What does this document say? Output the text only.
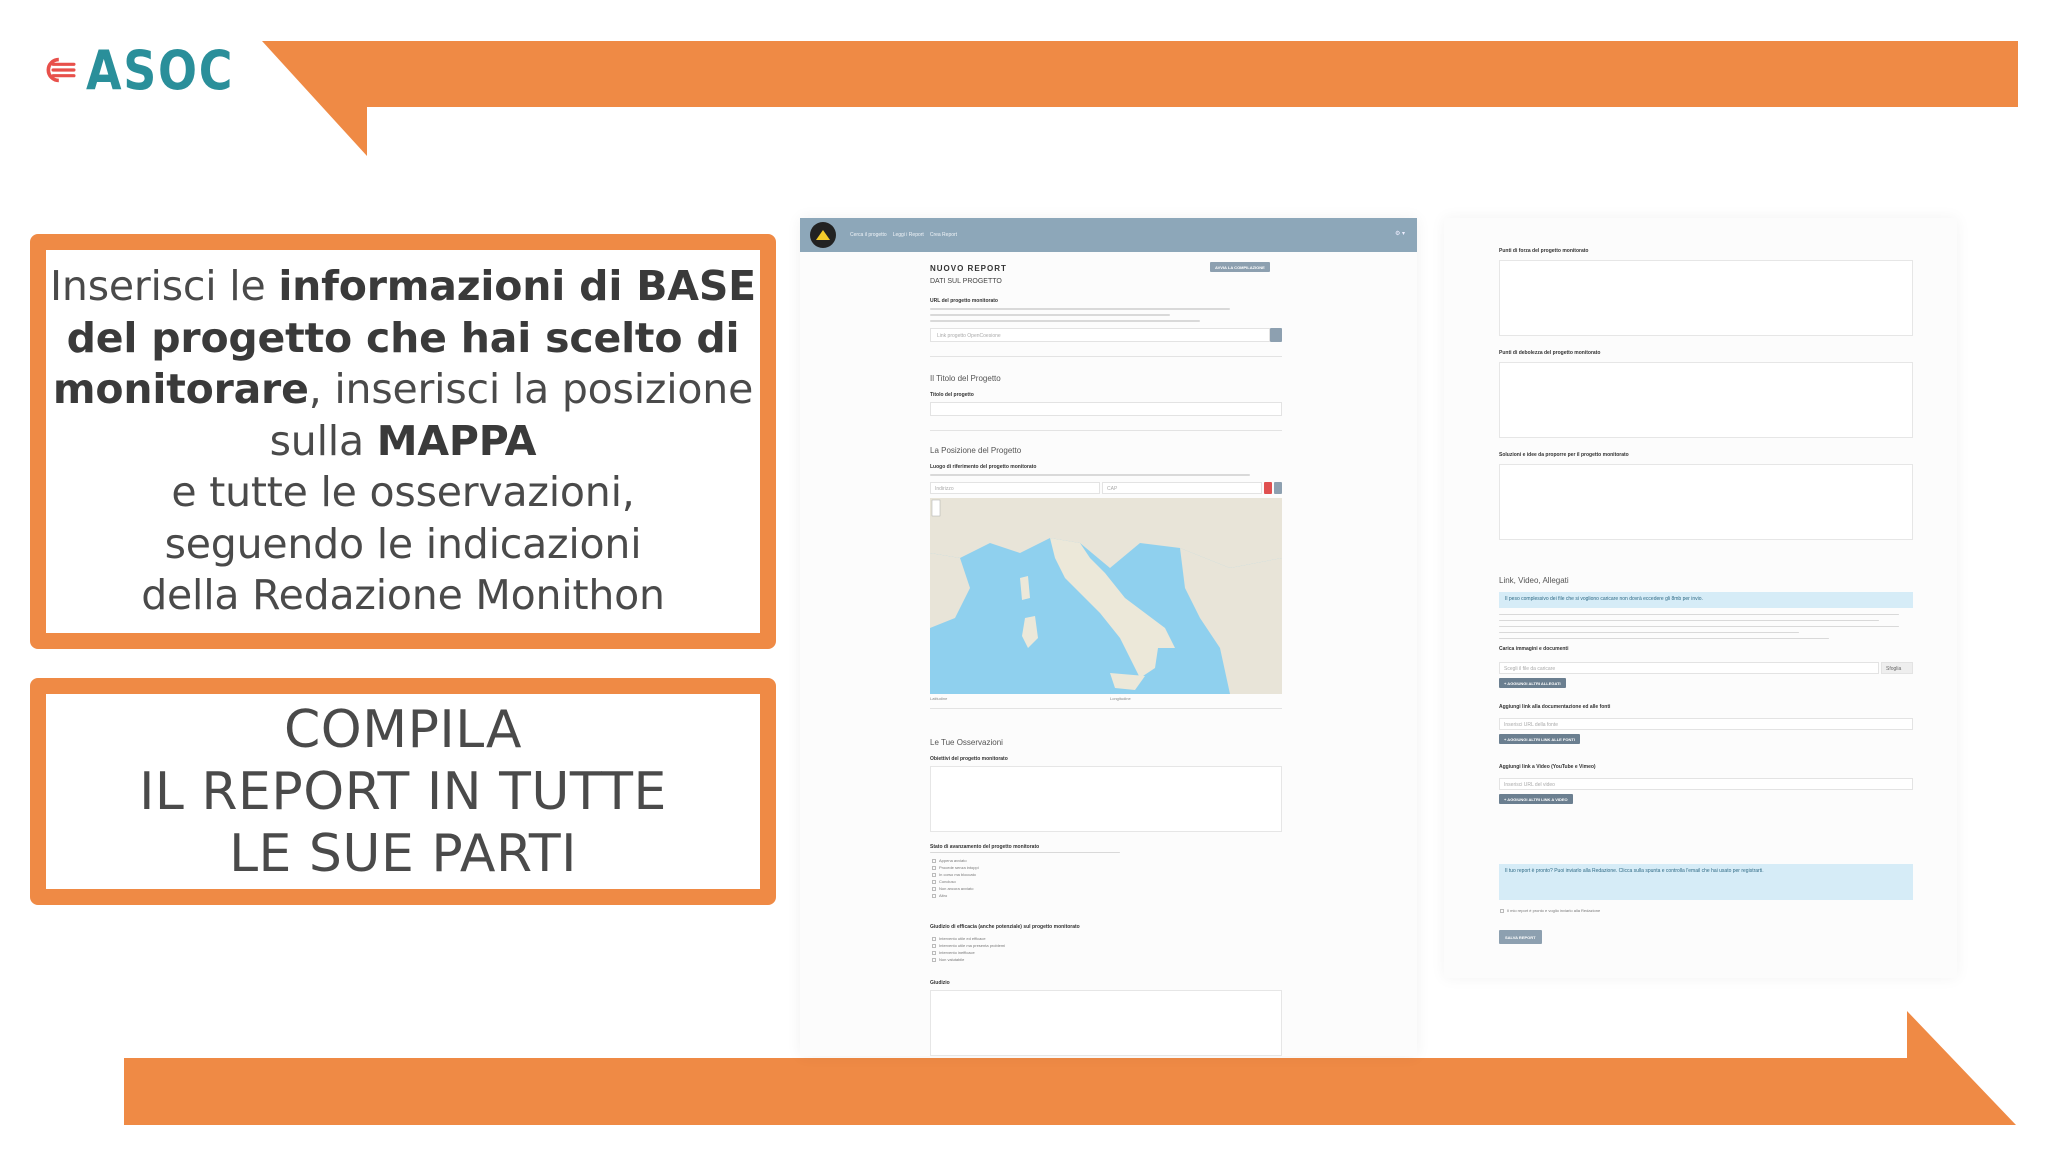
ASOC
Inserisci le informazioni di BASE del progetto che hai scelto di monitorare, inserisci la posizione sulla MAPPA
e tutte le osservazioni,
seguendo le indicazioni
della Redazione Monithon
COMPILA
IL REPORT IN TUTTE
LE SUE PARTI
Cerca il progetto Leggi i Report Crea Report	⚙ ▾
NUOVO REPORT
DATI SUL PROGETTO
AVVIA LA COMPILAZIONE
URL del progetto monitorato
Link progetto OpenCoesione
Il Titolo del Progetto
Titolo del progetto
La Posizione del Progetto
Luogo di riferimento del progetto monitorato
Indirizzo	CAP
Latitudine	Longitudine
Le Tue Osservazioni
Obiettivi del progetto monitorato
Stato di avanzamento del progetto monitorato
Appena avviato
Procede senza intoppi
In corso ma bloccato
Concluso
Non ancora avviato
Altro
Giudizio di efficacia (anche potenziale) sul progetto monitorato
Intervento utile ed efficace
Intervento utile ma presenta problemi
Intervento inefficace
Non valutabile
Giudizio
Punti di forza del progetto monitorato
Punti di debolezza del progetto monitorato
Soluzioni e idee da proporre per il progetto monitorato
Link, Video, Allegati
Il peso complessivo dei file che si vogliono caricare non dovrà eccedere gli 8mb per invio.
Carica immagini e documenti
Scegli il file da caricare	Sfoglia
+ AGGIUNGI ALTRI ALLEGATI
Aggiungi link alla documentazione ed alle fonti
Inserisci URL della fonte
+ AGGIUNGI ALTRI LINK ALLE FONTI
Aggiungi link a Video (YouTube e Vimeo)
Inserisci URL del video
+ AGGIUNGI ALTRI LINK A VIDEO
Il tuo report è pronto? Puoi inviarlo alla Redazione. Clicca sulla spunta e controlla l'email che hai usato per registrarti.
Il mio report è pronto e voglio inviarlo alla Redazione
SALVA REPORT
